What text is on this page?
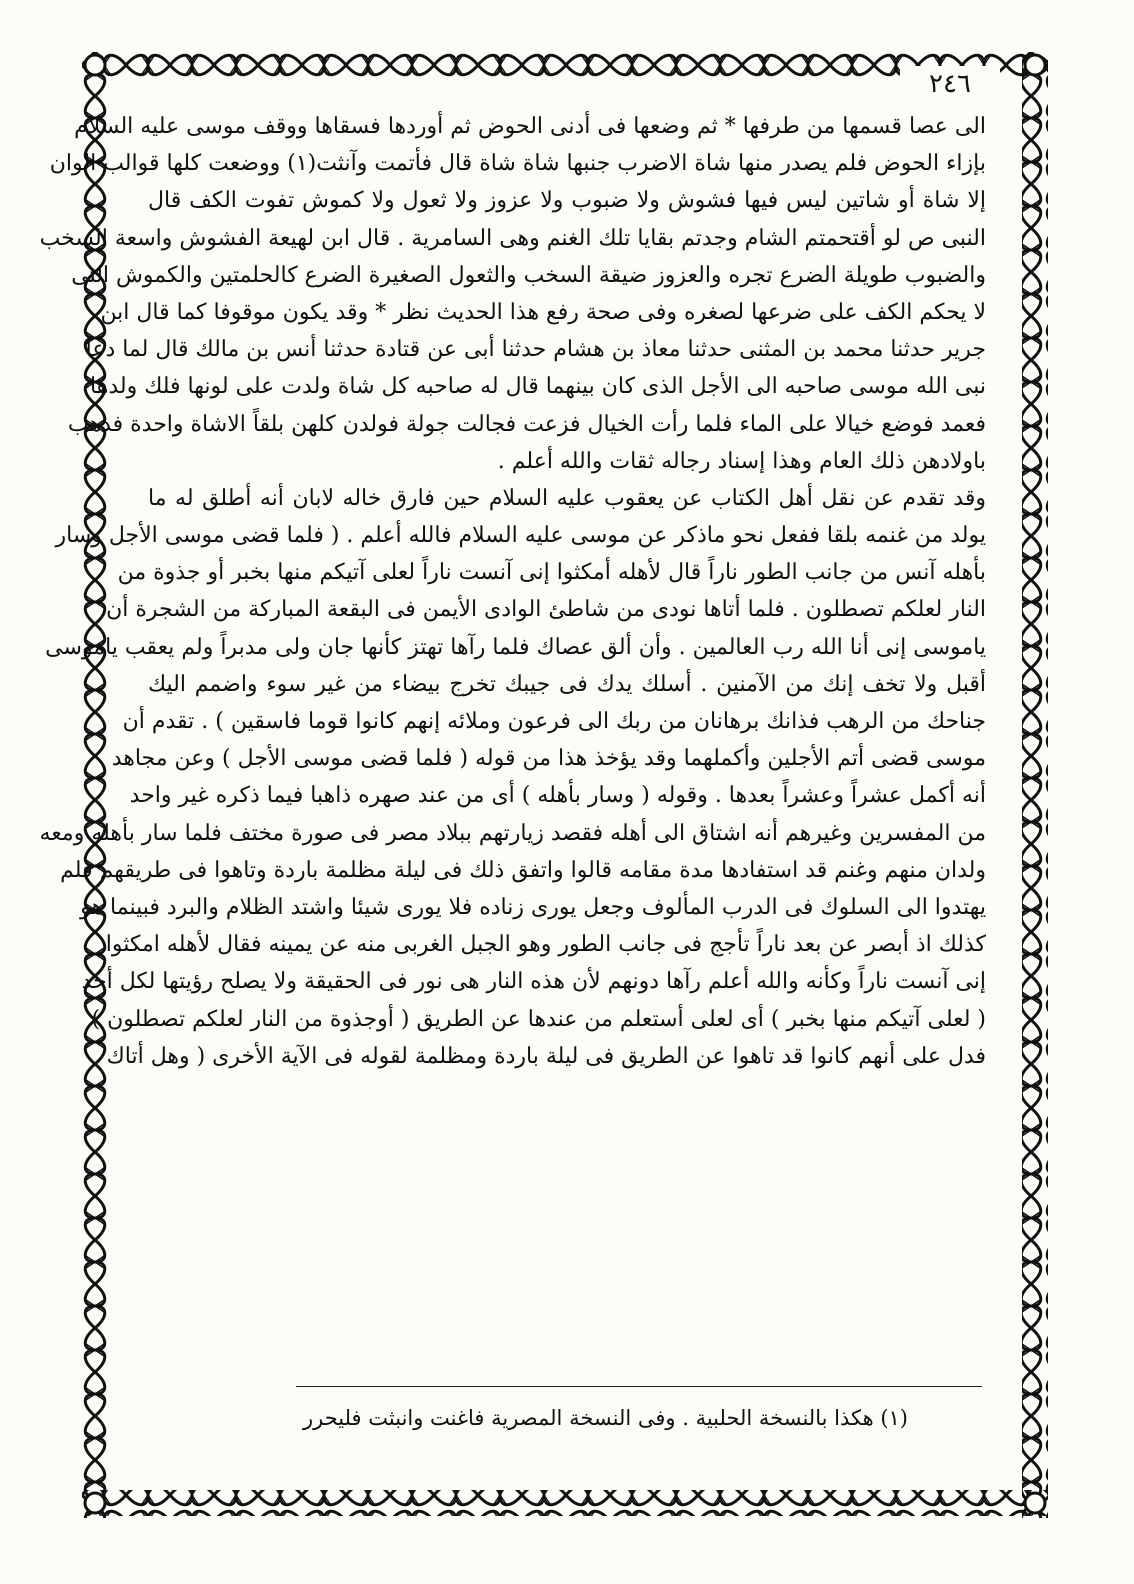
٢٤٦
الى عصا قسمها من طرفها * ثم وضعها فى أدنى الحوض ثم أوردها فسقاها ووقف موسى عليه السلام
بإزاء الحوض فلم يصدر منها شاة الاضرب جنبها شاة شاة قال فأتمت وآنثت(١) ووضعت كلها قوالب الوان
إلا شاة أو شاتين ليس فيها فشوش ولا ضبوب ولا عزوز ولا ثعول ولا كموش تفوت الكف قال
النبى ص لو أقتحمتم الشام وجدتم بقايا تلك الغنم وهى السامرية . قال ابن لهيعة الفشوش واسعة السخب
والضبوب طويلة الضرع تجره والعزوز ضيقة السخب والثعول الصغيرة الضرع كالحلمتين والكموش التى
لا يحكم الكف على ضرعها لصغره وفى صحة رفع هذا الحديث نظر * وقد يكون موقوفا كما قال ابن
جرير حدثنا محمد بن المثنى حدثنا معاذ بن هشام حدثنا أبى عن قتادة حدثنا أنس بن مالك قال لما دعا
نبى الله موسى صاحبه الى الأجل الذى كان بينهما قال له صاحبه كل شاة ولدت على لونها فلك ولدها
فعمد فوضع خيالا على الماء فلما رأت الخيال فزعت فجالت جولة فولدن كلهن بلقاً الاشاة واحدة فذهب
باولادهن ذلك العام وهذا إسناد رجاله ثقات والله أعلم .
وقد تقدم عن نقل أهل الكتاب عن يعقوب عليه السلام حين فارق خاله لابان أنه أطلق له ما
يولد من غنمه بلقا ففعل نحو ماذكر عن موسى عليه السلام فالله أعلم . ( فلما قضى موسى الأجل وسار
بأهله آنس من جانب الطور ناراً قال لأهله أمكثوا إنى آنست ناراً لعلى آتيكم منها بخبر أو جذوة من
النار لعلكم تصطلون . فلما أتاها نودى من شاطئ الوادى الأيمن فى البقعة المباركة من الشجرة أن
ياموسى إنى أنا الله رب العالمين . وأن ألق عصاك فلما رآها تهتز كأنها جان ولى مدبراً ولم يعقب ياموسى
أقبل ولا تخف إنك من الآمنين . أسلك يدك فى جيبك تخرج بيضاء من غير سوء واضمم اليك
جناحك من الرهب فذانك برهانان من ربك الى فرعون وملائه إنهم كانوا قوما فاسقين ) . تقدم أن
موسى قضى أتم الأجلين وأكملهما وقد يؤخذ هذا من قوله ( فلما قضى موسى الأجل ) وعن مجاهد
أنه أكمل عشراً وعشراً بعدها . وقوله ( وسار بأهله ) أى من عند صهره ذاهبا فيما ذكره غير واحد
من المفسرين وغيرهم أنه اشتاق الى أهله فقصد زيارتهم ببلاد مصر فى صورة مختف فلما سار بأهله ومعه
ولدان منهم وغنم قد استفادها مدة مقامه قالوا واتفق ذلك فى ليلة مظلمة باردة وتاهوا فى طريقهم فلم
يهتدوا الى السلوك فى الدرب المألوف وجعل يورى زناده فلا يورى شيئا واشتد الظلام والبرد فبينما هو
كذلك اذ أبصر عن بعد ناراً تأجج فى جانب الطور وهو الجبل الغربى منه عن يمينه فقال لأهله امكثوا
إنى آنست ناراً وكأنه والله أعلم رآها دونهم لأن هذه النار هى نور فى الحقيقة ولا يصلح رؤيتها لكل أحد
( لعلى آتيكم منها بخبر ) أى لعلى أستعلم من عندها عن الطريق ( أوجذوة من النار لعلكم تصطلون )
فدل على أنهم كانوا قد تاهوا عن الطريق فى ليلة باردة ومظلمة لقوله فى الآية الأخرى ( وهل أتاك
(١) هكذا بالنسخة الحلبية . وفى النسخة المصرية فاغنت وانبثت فليحرر
